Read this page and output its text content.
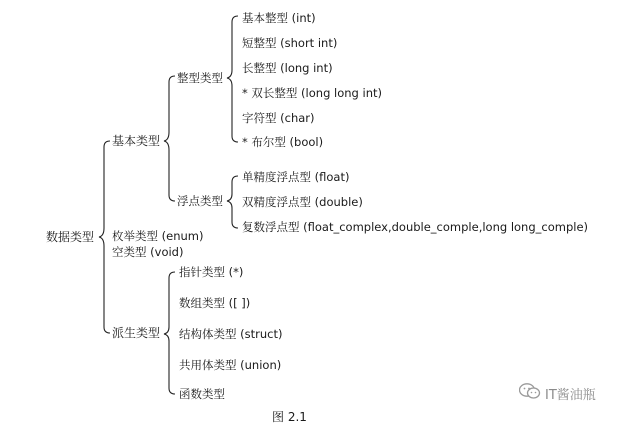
数据类型
基本类型
枚举类型 (enum)
空类型 (void)
派生类型
整型类型
浮点类型
基本整型 (int)
短整型 (short int)
长整型 (long int)
* 双长整型 (long long int)
字符型 (char)
* 布尔型 (bool)
单精度浮点型 (float)
双精度浮点型 (double)
复数浮点型 (float_complex,double_comple,long long_comple)
指针类型 (*)
数组类型 ([ ])
结构体类型 (struct)
共用体类型 (union)
函数类型
图 2.1
IT酱油瓶
